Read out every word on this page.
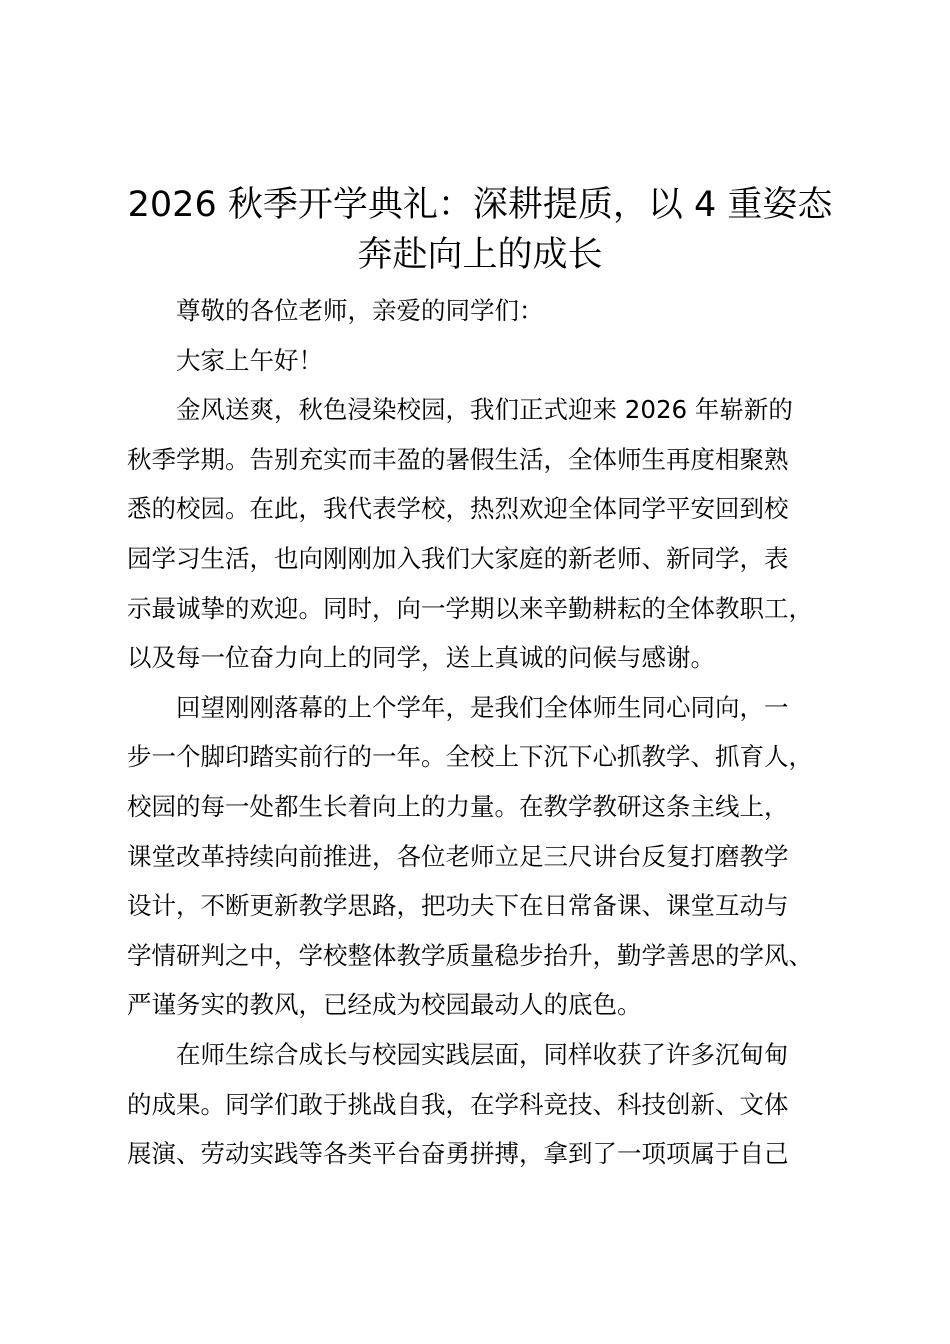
2026 秋季开学典礼：深耕提质，以 4 重姿态
奔赴向上的成长

尊敬的各位老师，亲爱的同学们：

大家上午好！

金风送爽，秋色浸染校园，我们正式迎来 2026 年崭新的
秋季学期。告别充实而丰盈的暑假生活，全体师生再度相聚熟
悉的校园。在此，我代表学校，热烈欢迎全体同学平安回到校
园学习生活，也向刚刚加入我们大家庭的新老师、新同学，表
示最诚挚的欢迎。同时，向一学期以来辛勤耕耘的全体教职工，
以及每一位奋力向上的同学，送上真诚的问候与感谢。

回望刚刚落幕的上个学年，是我们全体师生同心同向，一
步一个脚印踏实前行的一年。全校上下沉下心抓教学、抓育人，
校园的每一处都生长着向上的力量。在教学教研这条主线上，
课堂改革持续向前推进，各位老师立足三尺讲台反复打磨教学
设计，不断更新教学思路，把功夫下在日常备课、课堂互动与
学情研判之中，学校整体教学质量稳步抬升，勤学善思的学风、
严谨务实的教风，已经成为校园最动人的底色。

在师生综合成长与校园实践层面，同样收获了许多沉甸甸
的成果。同学们敢于挑战自我，在学科竞技、科技创新、文体
展演、劳动实践等各类平台奋勇拼搏，拿到了一项项属于自己
